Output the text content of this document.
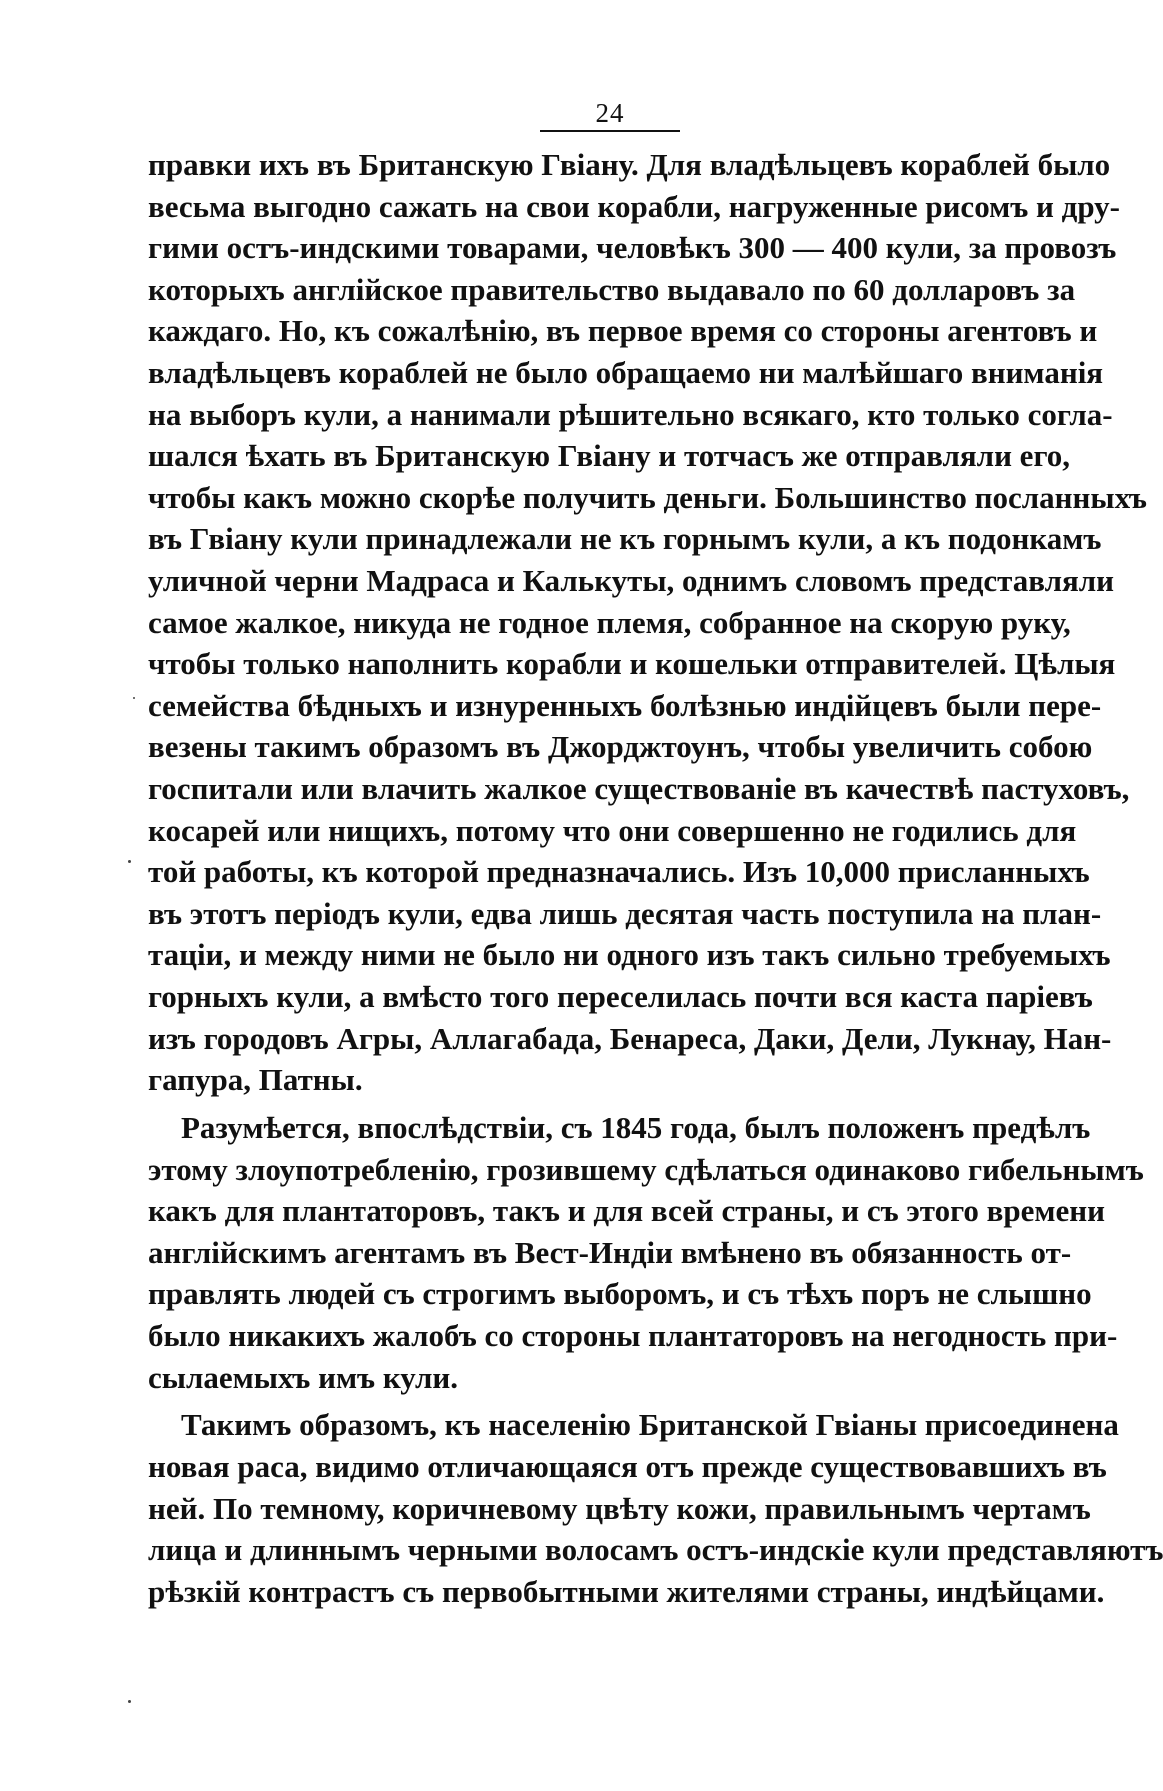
24
правки ихъ въ Британскую Гвіану. Для владѣльцевъ кораблей было
весьма выгодно сажать на свои корабли, нагруженные рисомъ и дру-
гими остъ-индскими товарами, человѣкъ 300 — 400 кули, за провозъ
которыхъ англійское правительство выдавало по 60 долларовъ за
каждаго. Но, къ сожалѣнію, въ первое время со стороны агентовъ и
владѣльцевъ кораблей не было обращаемо ни малѣйшаго вниманія
на выборъ кули, а нанимали рѣшительно всякаго, кто только согла-
шался ѣхать въ Британскую Гвіану и тотчасъ же отправляли его,
чтобы какъ можно скорѣе получить деньги. Большинство посланныхъ
въ Гвіану кули принадлежали не къ горнымъ кули, а къ подонкамъ
уличной черни Мадраса и Калькуты, однимъ словомъ представляли
самое жалкое, никуда не годное племя, собранное на скорую руку,
чтобы только наполнить корабли и кошельки отправителей. Цѣлыя
семейства бѣдныхъ и изнуренныхъ болѣзнью индійцевъ были пере-
везены такимъ образомъ въ Джорджтоунъ, чтобы увеличить собою
госпитали или влачить жалкое существованіе въ качествѣ пастуховъ,
косарей или нищихъ, потому что они совершенно не годились для
той работы, къ которой предназначались. Изъ 10,000 присланныхъ
въ этотъ періодъ кули, едва лишь десятая часть поступила на план-
таціи, и между ними не было ни одного изъ такъ сильно требуемыхъ
горныхъ кули, а вмѣсто того переселилась почти вся каста паріевъ
изъ городовъ Агры, Аллагабада, Бенареса, Даки, Дели, Лукнау, Нан-
гапура, Патны.
Разумѣется, впослѣдствіи, съ 1845 года, былъ положенъ предѣлъ
этому злоупотребленію, грозившему сдѣлаться одинаково гибельнымъ
какъ для плантаторовъ, такъ и для всей страны, и съ этого времени
англійскимъ агентамъ въ Вест-Индіи вмѣнено въ обязанность от-
правлять людей съ строгимъ выборомъ, и съ тѣхъ поръ не слышно
было никакихъ жалобъ со стороны плантаторовъ на негодность при-
сылаемыхъ имъ кули.
Такимъ образомъ, къ населенію Британской Гвіаны присоединена
новая раса, видимо отличающаяся отъ прежде существовавшихъ въ
ней. По темному, коричневому цвѣту кожи, правильнымъ чертамъ
лица и длиннымъ черными волосамъ остъ-индскіе кули представляютъ
рѣзкій контрастъ съ первобытными жителями страны, индѣйцами.
